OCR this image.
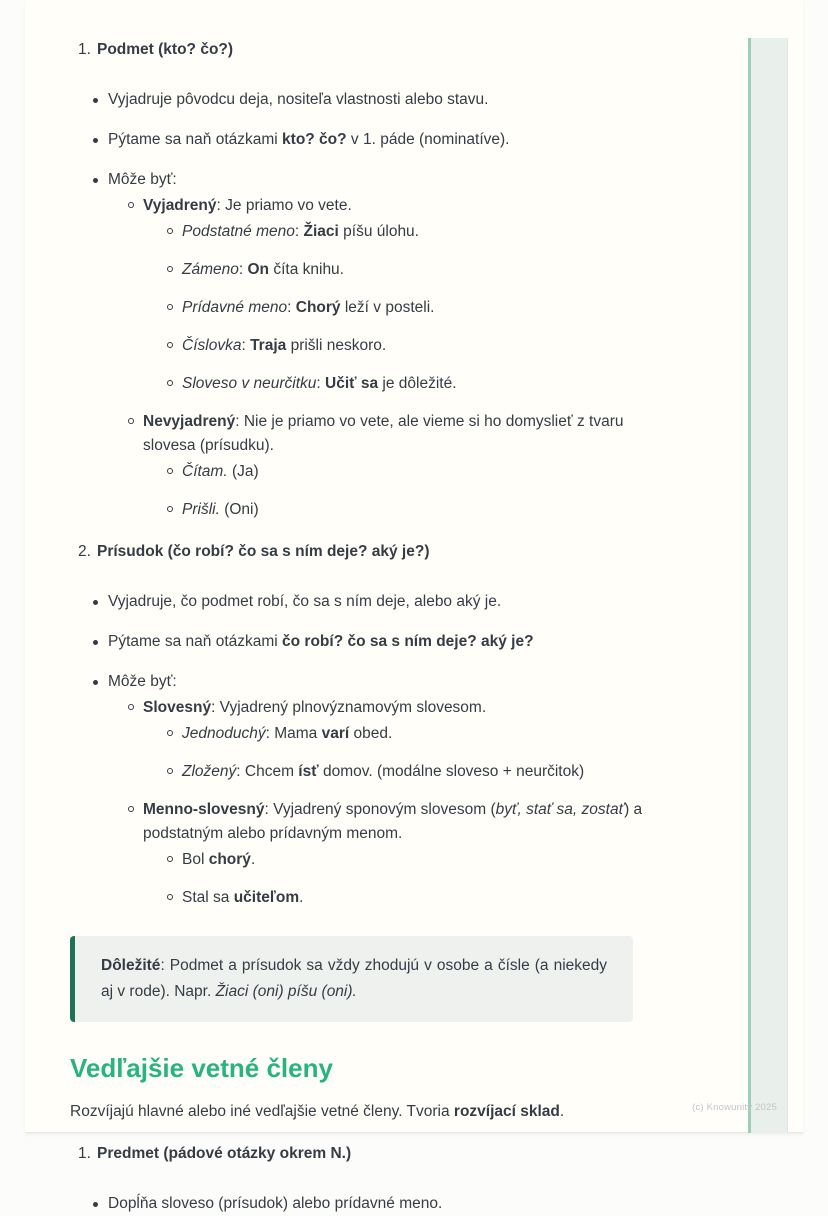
1. Podmet (kto? čo?)
Vyjadruje pôvodcu deja, nositeľa vlastnosti alebo stavu.
Pýtame sa naň otázkami kto? čo? v 1. páde (nominatíve).
Môže byť:
Vyjadrený: Je priamo vo vete.
Podstatné meno: Žiaci píšu úlohu.
Zámeno: On číta knihu.
Prídavné meno: Chorý leží v posteli.
Číslovka: Traja prišli neskoro.
Sloveso v neurčitku: Učiť sa je dôležité.
Nevyjadrený: Nie je priamo vo vete, ale vieme si ho domyslieť z tvaru slovesa (prísudku).
Čítam. (Ja)
Prišli. (Oni)
2. Prísudok (čo robí? čo sa s ním deje? aký je?)
Vyjadruje, čo podmet robí, čo sa s ním deje, alebo aký je.
Pýtame sa naň otázkami čo robí? čo sa s ním deje? aký je?
Môže byť:
Slovesný: Vyjadrený plnovýznamovým slovesom.
Jednoduchý: Mama varí obed.
Zložený: Chcem ísť domov. (modálne sloveso + neurčitok)
Menno-slovesný: Vyjadrený sponovým slovesom (byť, stať sa, zostať) a podstatným alebo prídavným menom.
Bol chorý.
Stal sa učiteľom.
Dôležité: Podmet a prísudok sa vždy zhodujú v osobe a čísle (a niekedy aj v rode). Napr. Žiaci (oni) píšu (oni).
Vedľajšie vetné členy

Rozvíjajú hlavné alebo iné vedľajšie vetné členy. Tvoria rozvíjací sklad.

1. Predmet (pádové otázky okrem N.)
Dopĺňa sloveso (prísudok) alebo prídavné meno.
(c) Knowunity 2025
